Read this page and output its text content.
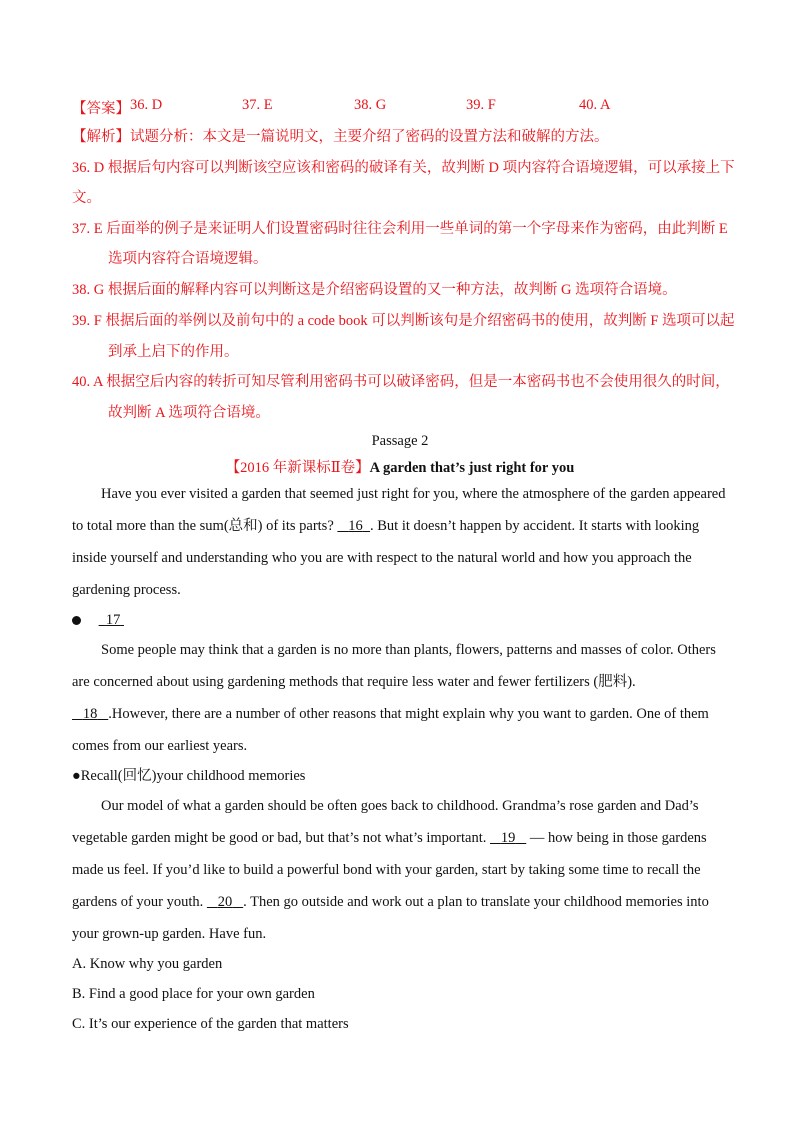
【答案】 36. D	37. E	38. G	39. F	40. A
【解析】试题分析：本文是一篇说明文，主要介绍了密码的设置方法和破解的方法。
36. D 根据后句内容可以判断该空应该和密码的破译有关，故判断 D 项内容符合语境逻辑，可以承接上下
文。
37. E 后面举的例子是来证明人们设置密码时往往会利用一些单词的第一个字母来作为密码，由此判断 E
选项内容符合语境逻辑。
38. G 根据后面的解释内容可以判断这是介绍密码设置的又一种方法，故判断 G 选项符合语境。
39. F 根据后面的举例以及前句中的 a code book 可以判断该句是介绍密码书的使用，故判断 F 选项可以起
到承上启下的作用。
40. A 根据空后内容的转折可知尽管利用密码书可以破译密码，但是一本密码书也不会使用很久的时间，
故判断 A 选项符合语境。
Passage 2
【2016 年新课标Ⅱ卷】A garden that’s just right for you
Have you ever visited a garden that seemed just right for you, where the atmosphere of the garden appeared to total more than the sum(总和) of its parts?    16 . But it doesn’t happen by accident. It starts with looking inside yourself and understanding who you are with respect to the natural world and how you approach the gardening process.
17
Some people may think that a garden is no more than plants, flowers, patterns and masses of color. Others are concerned about using gardening methods that require less water and fewer fertilizers (肥料).    18 .However, there are a number of other reasons that might explain why you want to garden. One of them comes from our earliest years.
●Recall(回忆)your childhood memories
Our model of what a garden should be often goes back to childhood. Grandma’s rose garden and Dad’s vegetable garden might be good or bad, but that’s not what’s important.    19    — how being in those gardens made us feel. If you’d like to build a powerful bond with your garden, start by taking some time to recall the gardens of your youth.    20 . Then go outside and work out a plan to translate your childhood memories into your grown-up garden. Have fun.
A. Know why you garden
B. Find a good place for your own garden
C. It’s our experience of the garden that matters
